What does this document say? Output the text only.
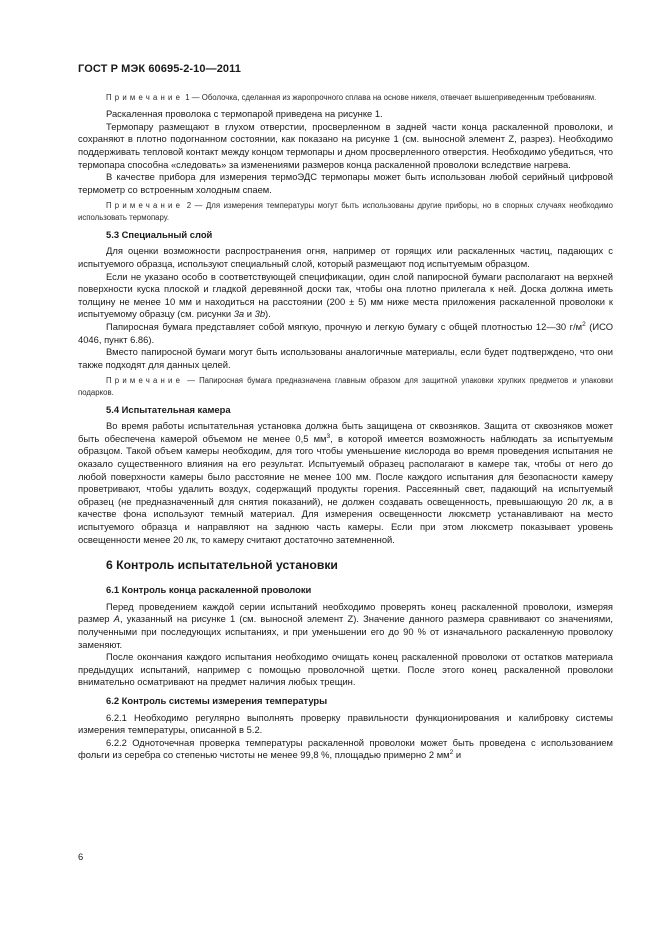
ГОСТ Р МЭК 60695-2-10—2011

Примечание 1 — Оболочка, сделанная из жаропрочного сплава на основе никеля, отвечает вышеприведенным требованиям.

Раскаленная проволока с термопарой приведена на рисунке 1.

Термопару размещают в глухом отверстии, просверленном в задней части конца раскаленной проволоки, и сохраняют в плотно подогнанном состоянии, как показано на рисунке 1 (см. выносной элемент Z, разрез). Необходимо поддерживать тепловой контакт между концом термопары и дном просверленного отверстия. Необходимо убедиться, что термопара способна «следовать» за изменениями размеров конца раскаленной проволоки вследствие нагрева.

В качестве прибора для измерения термоЭДС термопары может быть использован любой серийный цифровой термометр со встроенным холодным спаем.

Примечание 2 — Для измерения температуры могут быть использованы другие приборы, но в спорных случаях необходимо использовать термопару.

5.3 Специальный слой

Для оценки возможности распространения огня, например от горящих или раскаленных частиц, падающих с испытуемого образца, используют специальный слой, который размещают под испытуемым образцом.

Если не указано особо в соответствующей спецификации, один слой папиросной бумаги располагают на верхней поверхности куска плоской и гладкой деревянной доски так, чтобы она плотно прилегала к ней. Доска должна иметь толщину не менее 10 мм и находиться на расстоянии (200 ± 5) мм ниже места приложения раскаленной проволоки к испытуемому образцу (см. рисунки 3а и 3b).

Папиросная бумага представляет собой мягкую, прочную и легкую бумагу с общей плотностью 12—30 $г/м^2$ (ИСО 4046, пункт 6.86).

Вместо папиросной бумаги могут быть использованы аналогичные материалы, если будет подтверждено, что они также подходят для данных целей.

Примечание — Папиросная бумага предназначена главным образом для защитной упаковки хрупких предметов и упаковки подарков.

5.4 Испытательная камера

Во время работы испытательная установка должна быть защищена от сквозняков. Защита от сквозняков может быть обеспечена камерой объемом не менее 0,5 $мм^3$, в которой имеется возможность наблюдать за испытуемым образцом. Такой объем камеры необходим, для того чтобы уменьшение кислорода во время проведения испытания не оказало существенного влияния на его результат. Испытуемый образец располагают в камере так, чтобы от него до любой поверхности камеры было расстояние не менее 100 мм. После каждого испытания для безопасности камеру проветривают, чтобы удалить воздух, содержащий продукты горения. Рассеянный свет, падающий на испытуемый образец (не предназначенный для снятия показаний), не должен создавать освещенность, превышающую 20 лк, а в качестве фона используют темный материал. Для измерения освещенности люксметр устанавливают на место испытуемого образца и направляют на заднюю часть камеры. Если при этом люксметр показывает уровень освещенности менее 20 лк, то камеру считают достаточно затемненной.

6 Контроль испытательной установки
6.1 Контроль конца раскаленной проволоки

Перед проведением каждой серии испытаний необходимо проверять конец раскаленной проволоки, измеряя размер А, указанный на рисунке 1 (см. выносной элемент Z). Значение данного размера сравнивают со значениями, полученными при последующих испытаниях, и при уменьшении его до 90 % от изначального раскаленную проволоку заменяют.

После окончания каждого испытания необходимо очищать конец раскаленной проволоки от остатков материала предыдущих испытаний, например с помощью проволочной щетки. После этого конец раскаленной проволоки внимательно осматривают на предмет наличия любых трещин.

6.2 Контроль системы измерения температуры

6.2.1 Необходимо регулярно выполнять проверку правильности функционирования и калибровку системы измерения температуры, описанной в 5.2.

6.2.2 Одноточечная проверка температуры раскаленной проволоки может быть проведена с использованием фольги из серебра со степенью чистоты не менее 99,8 %, площадью примерно 2 $мм^2$ и

6
